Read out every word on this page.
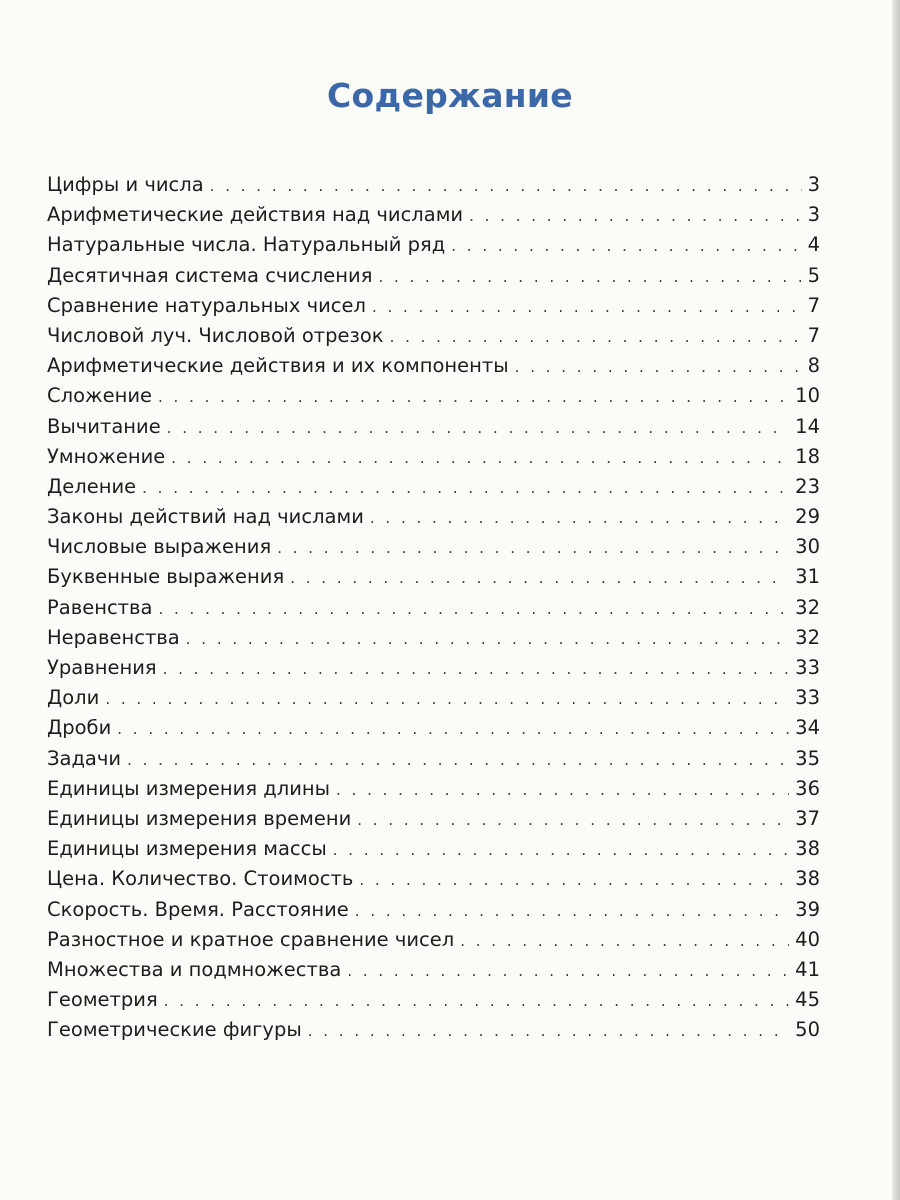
Содержание
Цифры и числа . . .	3
Арифметические действия над числами . . .	3
Натуральные числа. Натуральный ряд . . .	4
Десятичная система счисления . . .	5
Сравнение натуральных чисел . . .	7
Числовой луч. Числовой отрезок . . .	7
Арифметические действия и их компоненты . . .	8
Сложение . . .	10
Вычитание . . .	14
Умножение . . .	18
Деление . . .	23
Законы действий над числами . . .	29
Числовые выражения . . .	30
Буквенные выражения . . .	31
Равенства . . .	32
Неравенства . . .	32
Уравнения . . .	33
Доли . . .	33
Дроби . . .	34
Задачи . . .	35
Единицы измерения длины . . .	36
Единицы измерения времени . . .	37
Единицы измерения массы . . .	38
Цена. Количество. Стоимость . . .	38
Скорость. Время. Расстояние . . .	39
Разностное и кратное сравнение чисел . . .	40
Множества и подмножества . . .	41
Геометрия . . .	45
Геометрические фигуры . . .	50
